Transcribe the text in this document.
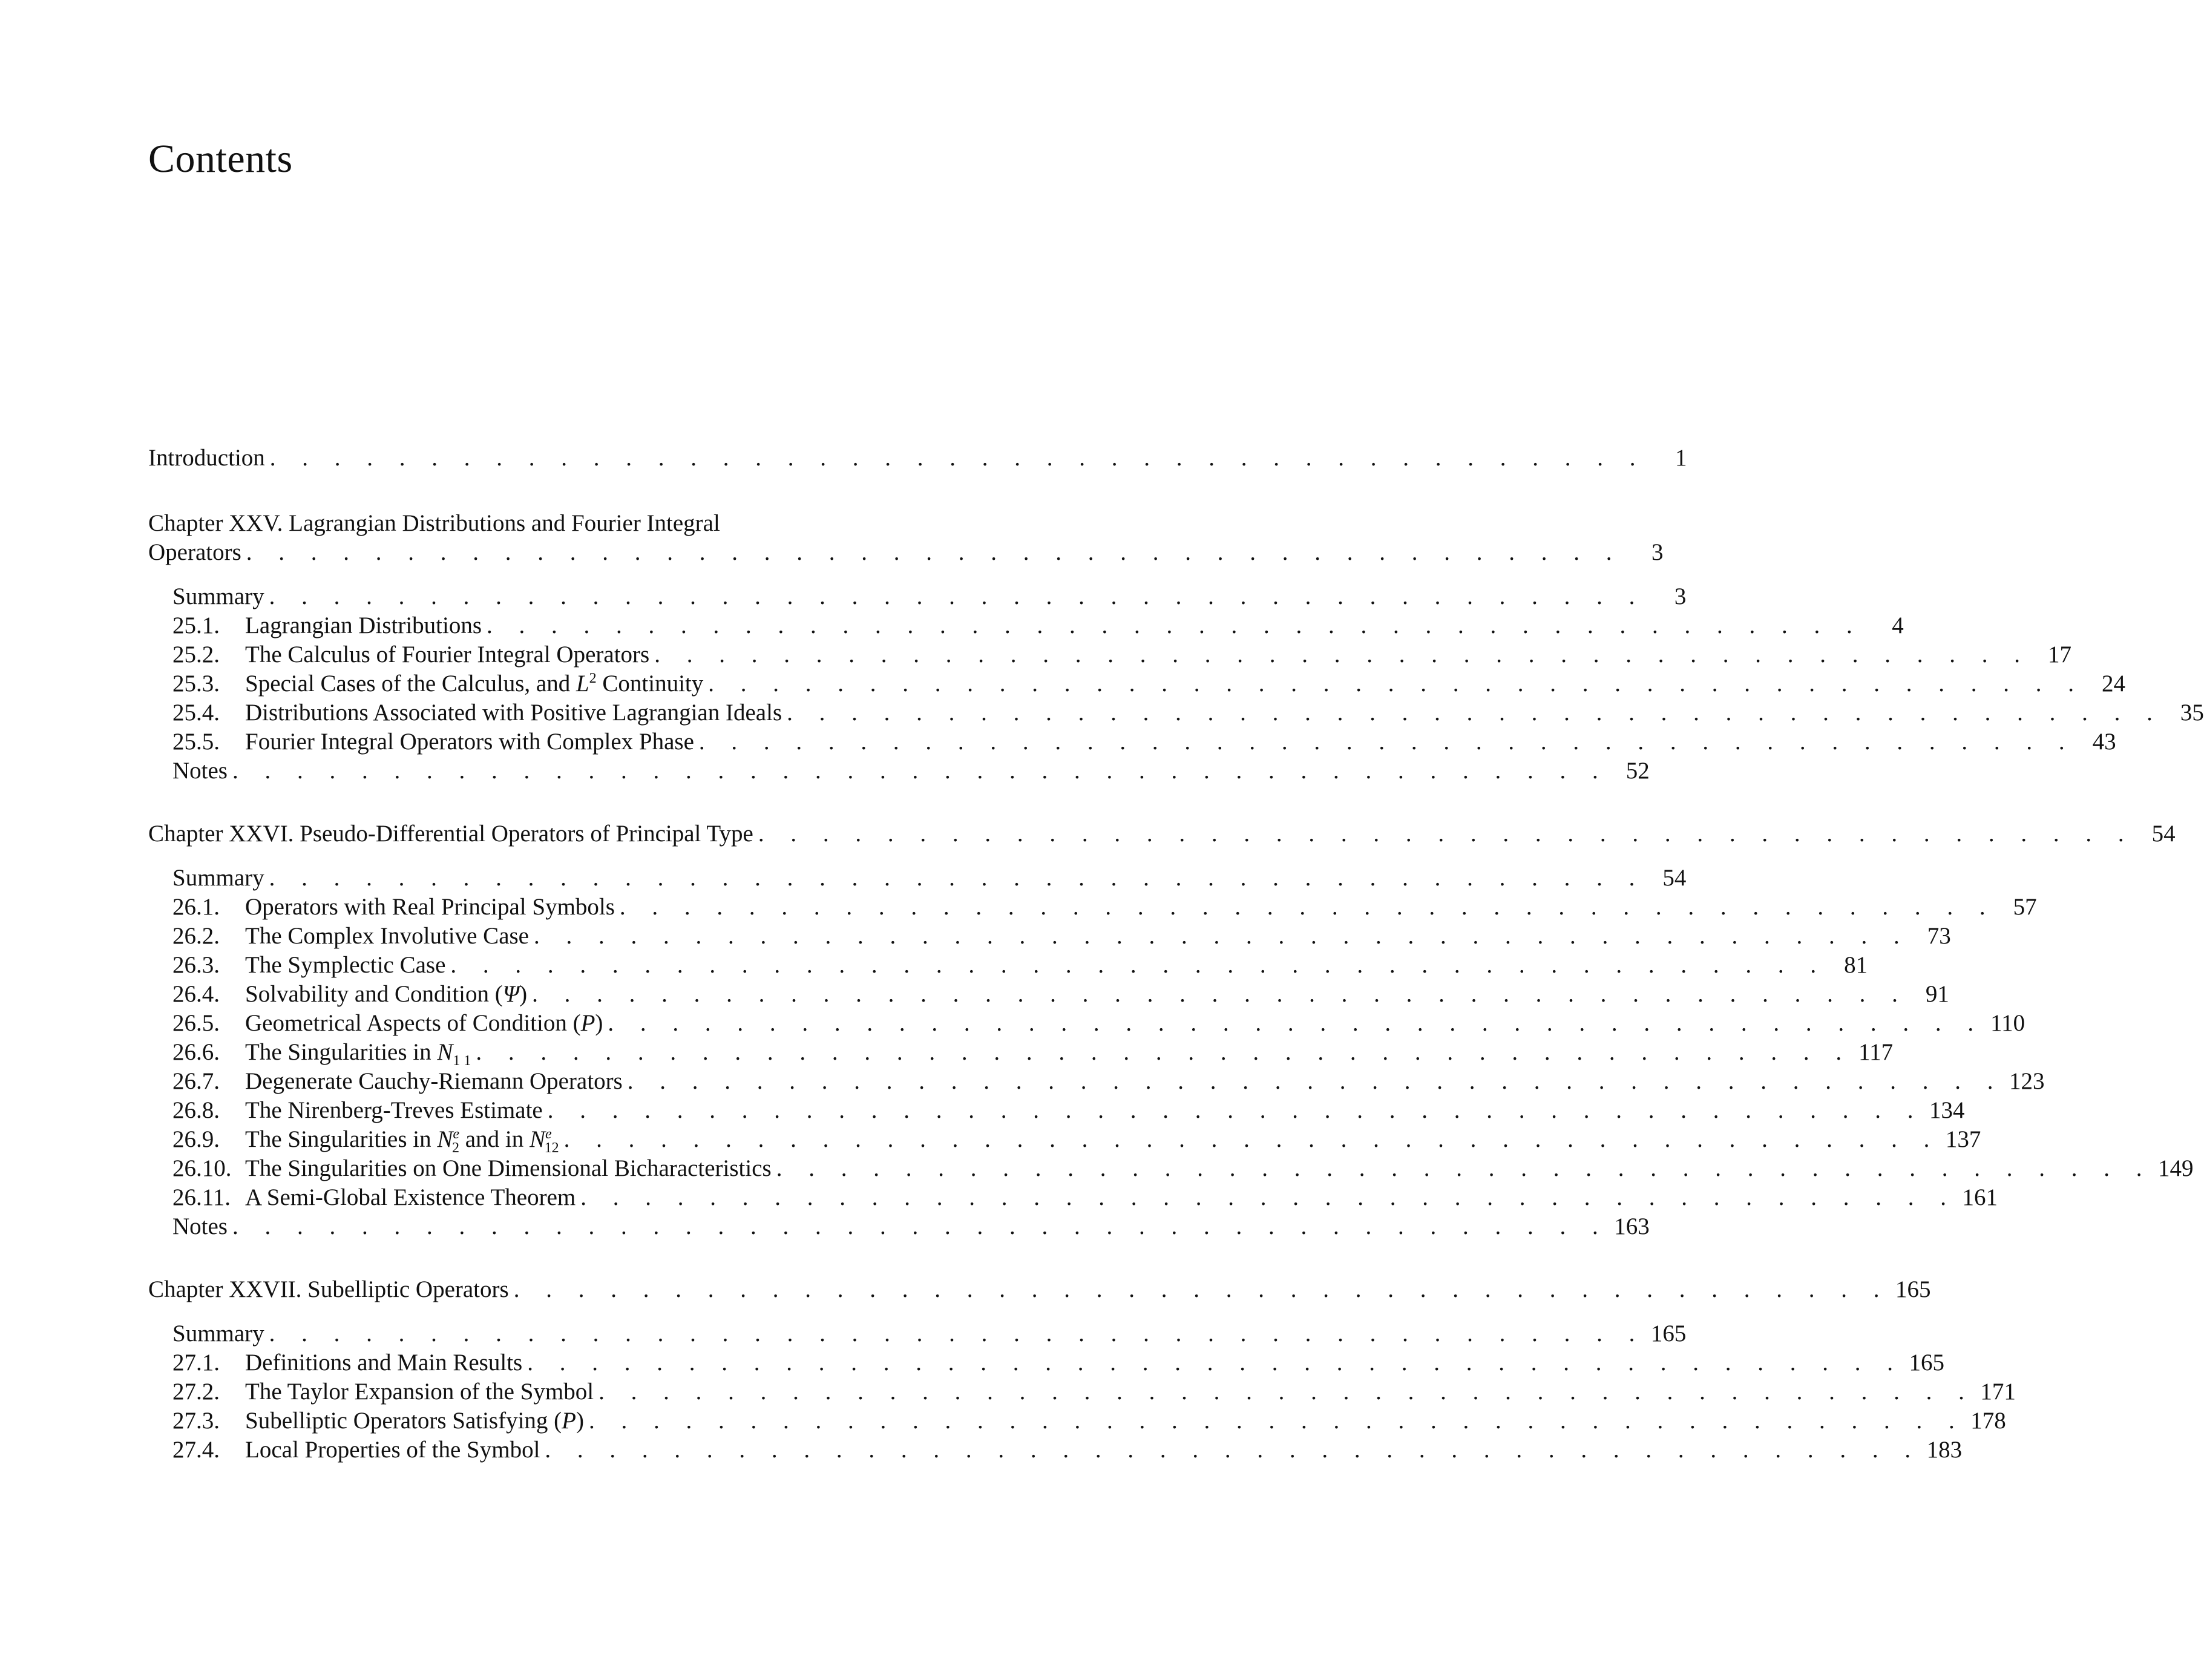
Contents
Introduction . . . . . . . . . . . . . . . . . . . . . . . . . . . . . . . . . . . . . . . . . . .	1
Chapter XXV. Lagrangian Distributions and Fourier Integral
Operators . . . . . . . . . . . . . . . . . . . . . . . . . . . . . . . . . . . . . . . . . . .	3
Summary . . . . . . . . . . . . . . . . . . . . . . . . . . . . . . . . . . . . . . . . . . .	3
25.1.	Lagrangian Distributions . . . . . . . . . . . . . . . . . . . . . . . . . . . . . . . . . . . . . . . . . . .	4
25.2.	The Calculus of Fourier Integral Operators . . . . . . . . . . . . . . . . . . . . . . . . . . . . . . . . . . . . . . . . . . . 17
25.3.	Special Cases of the Calculus, and $L^2$ Continuity . . . . . . . . . . . . . . . . . . . . . . . . . . . . . . . . . . . . . . . . . . . 24
25.4.	Distributions Associated with Positive Lagrangian Ideals . . . . . . . . . . . . . . . . . . . . . . . . . . . . . . . . . . . . . . . . . . . 35
25.5.	Fourier Integral Operators with Complex Phase . . . . . . . . . . . . . . . . . . . . . . . . . . . . . . . . . . . . . . . . . . . 43
Notes . . . . . . . . . . . . . . . . . . . . . . . . . . . . . . . . . . . . . . . . . . . 52
Chapter XXVI. Pseudo-Differential Operators of Principal Type . . . . . . . . . . . . . . . . . . . . . . . . . . . . . . . . . . . . . . . . . . . 54
Summary . . . . . . . . . . . . . . . . . . . . . . . . . . . . . . . . . . . . . . . . . . . 54
26.1.	Operators with Real Principal Symbols . . . . . . . . . . . . . . . . . . . . . . . . . . . . . . . . . . . . . . . . . . . 57
26.2.	The Complex Involutive Case . . . . . . . . . . . . . . . . . . . . . . . . . . . . . . . . . . . . . . . . . . . 73
26.3.	The Symplectic Case . . . . . . . . . . . . . . . . . . . . . . . . . . . . . . . . . . . . . . . . . . . 81
26.4.	Solvability and Condition (Ψ) . . . . . . . . . . . . . . . . . . . . . . . . . . . . . . . . . . . . . . . . . . . 91
26.5.	Geometrical Aspects of Condition (P) . . . . . . . . . . . . . . . . . . . . . . . . . . . . . . . . . . . . . . . . . . . 110
26.6.	The Singularities in $N_{1 1}$ . . . . . . . . . . . . . . . . . . . . . . . . . . . . . . . . . . . . . . . . . . . 117
26.7.	Degenerate Cauchy-Riemann Operators . . . . . . . . . . . . . . . . . . . . . . . . . . . . . . . . . . . . . . . . . . . 123
26.8.	The Nirenberg-Treves Estimate . . . . . . . . . . . . . . . . . . . . . . . . . . . . . . . . . . . . . . . . . . . 134
26.9.	The Singularities in $N^e_2$ and in $N^e_{12}$ . . . . . . . . . . . . . . . . . . . . . . . . . . . . . . . . . . . . . . . . . . . 137
26.10. The Singularities on One Dimensional Bicharacteristics . . . . . . . . . . . . . . . . . . . . . . . . . . . . . . . . . . . . . . . . . . . 149
26.11. A Semi-Global Existence Theorem . . . . . . . . . . . . . . . . . . . . . . . . . . . . . . . . . . . . . . . . . . . 161
Notes . . . . . . . . . . . . . . . . . . . . . . . . . . . . . . . . . . . . . . . . . . . 163
Chapter XXVII. Subelliptic Operators . . . . . . . . . . . . . . . . . . . . . . . . . . . . . . . . . . . . . . . . . . . 165
Summary . . . . . . . . . . . . . . . . . . . . . . . . . . . . . . . . . . . . . . . . . . . 165
27.1.	Definitions and Main Results . . . . . . . . . . . . . . . . . . . . . . . . . . . . . . . . . . . . . . . . . . . 165
27.2.	The Taylor Expansion of the Symbol . . . . . . . . . . . . . . . . . . . . . . . . . . . . . . . . . . . . . . . . . . . 171
27.3.	Subelliptic Operators Satisfying (P) . . . . . . . . . . . . . . . . . . . . . . . . . . . . . . . . . . . . . . . . . . . 178
27.4.	Local Properties of the Symbol . . . . . . . . . . . . . . . . . . . . . . . . . . . . . . . . . . . . . . . . . . . 183
